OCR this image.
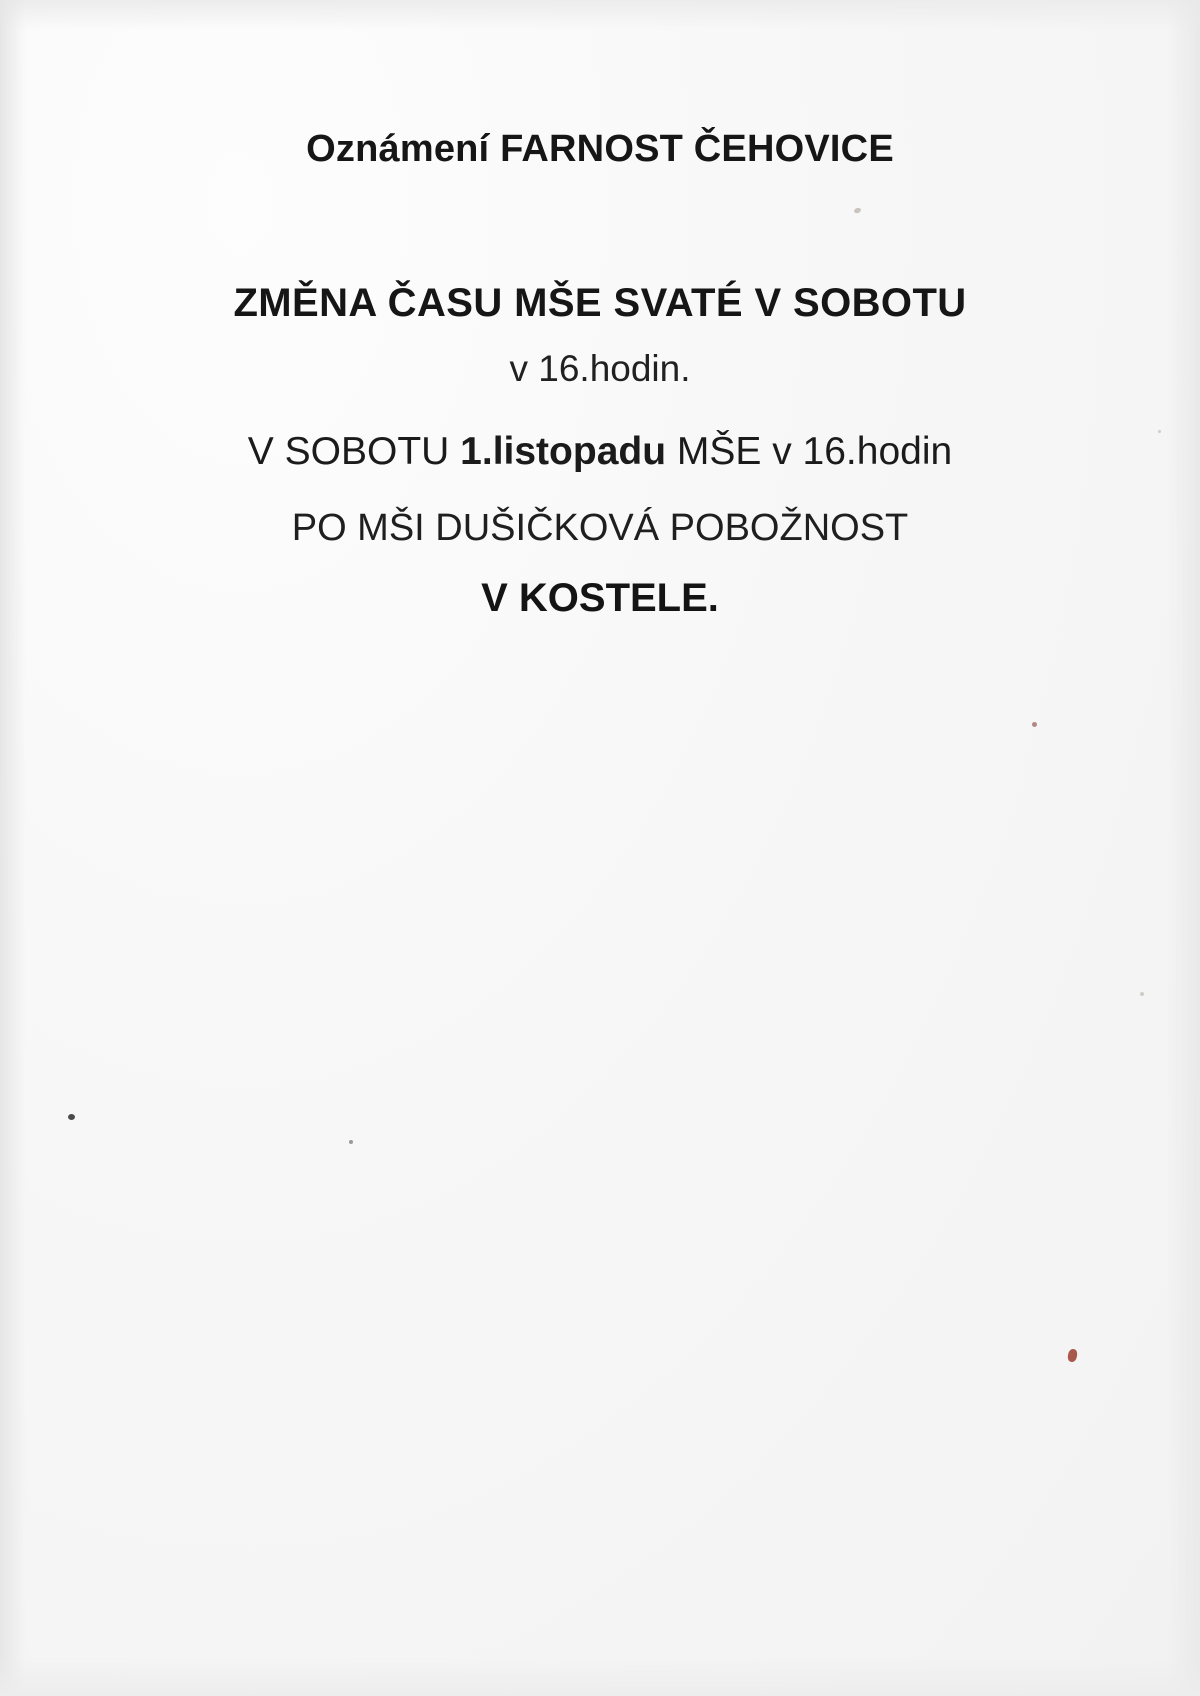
Oznámení FARNOST ČEHOVICE
ZMĚNA ČASU MŠE SVATÉ V SOBOTU

v 16.hodin.

V SOBOTU 1.listopadu MŠE v 16.hodin

PO MŠI DUŠIČKOVÁ POBOŽNOST

V KOSTELE.
